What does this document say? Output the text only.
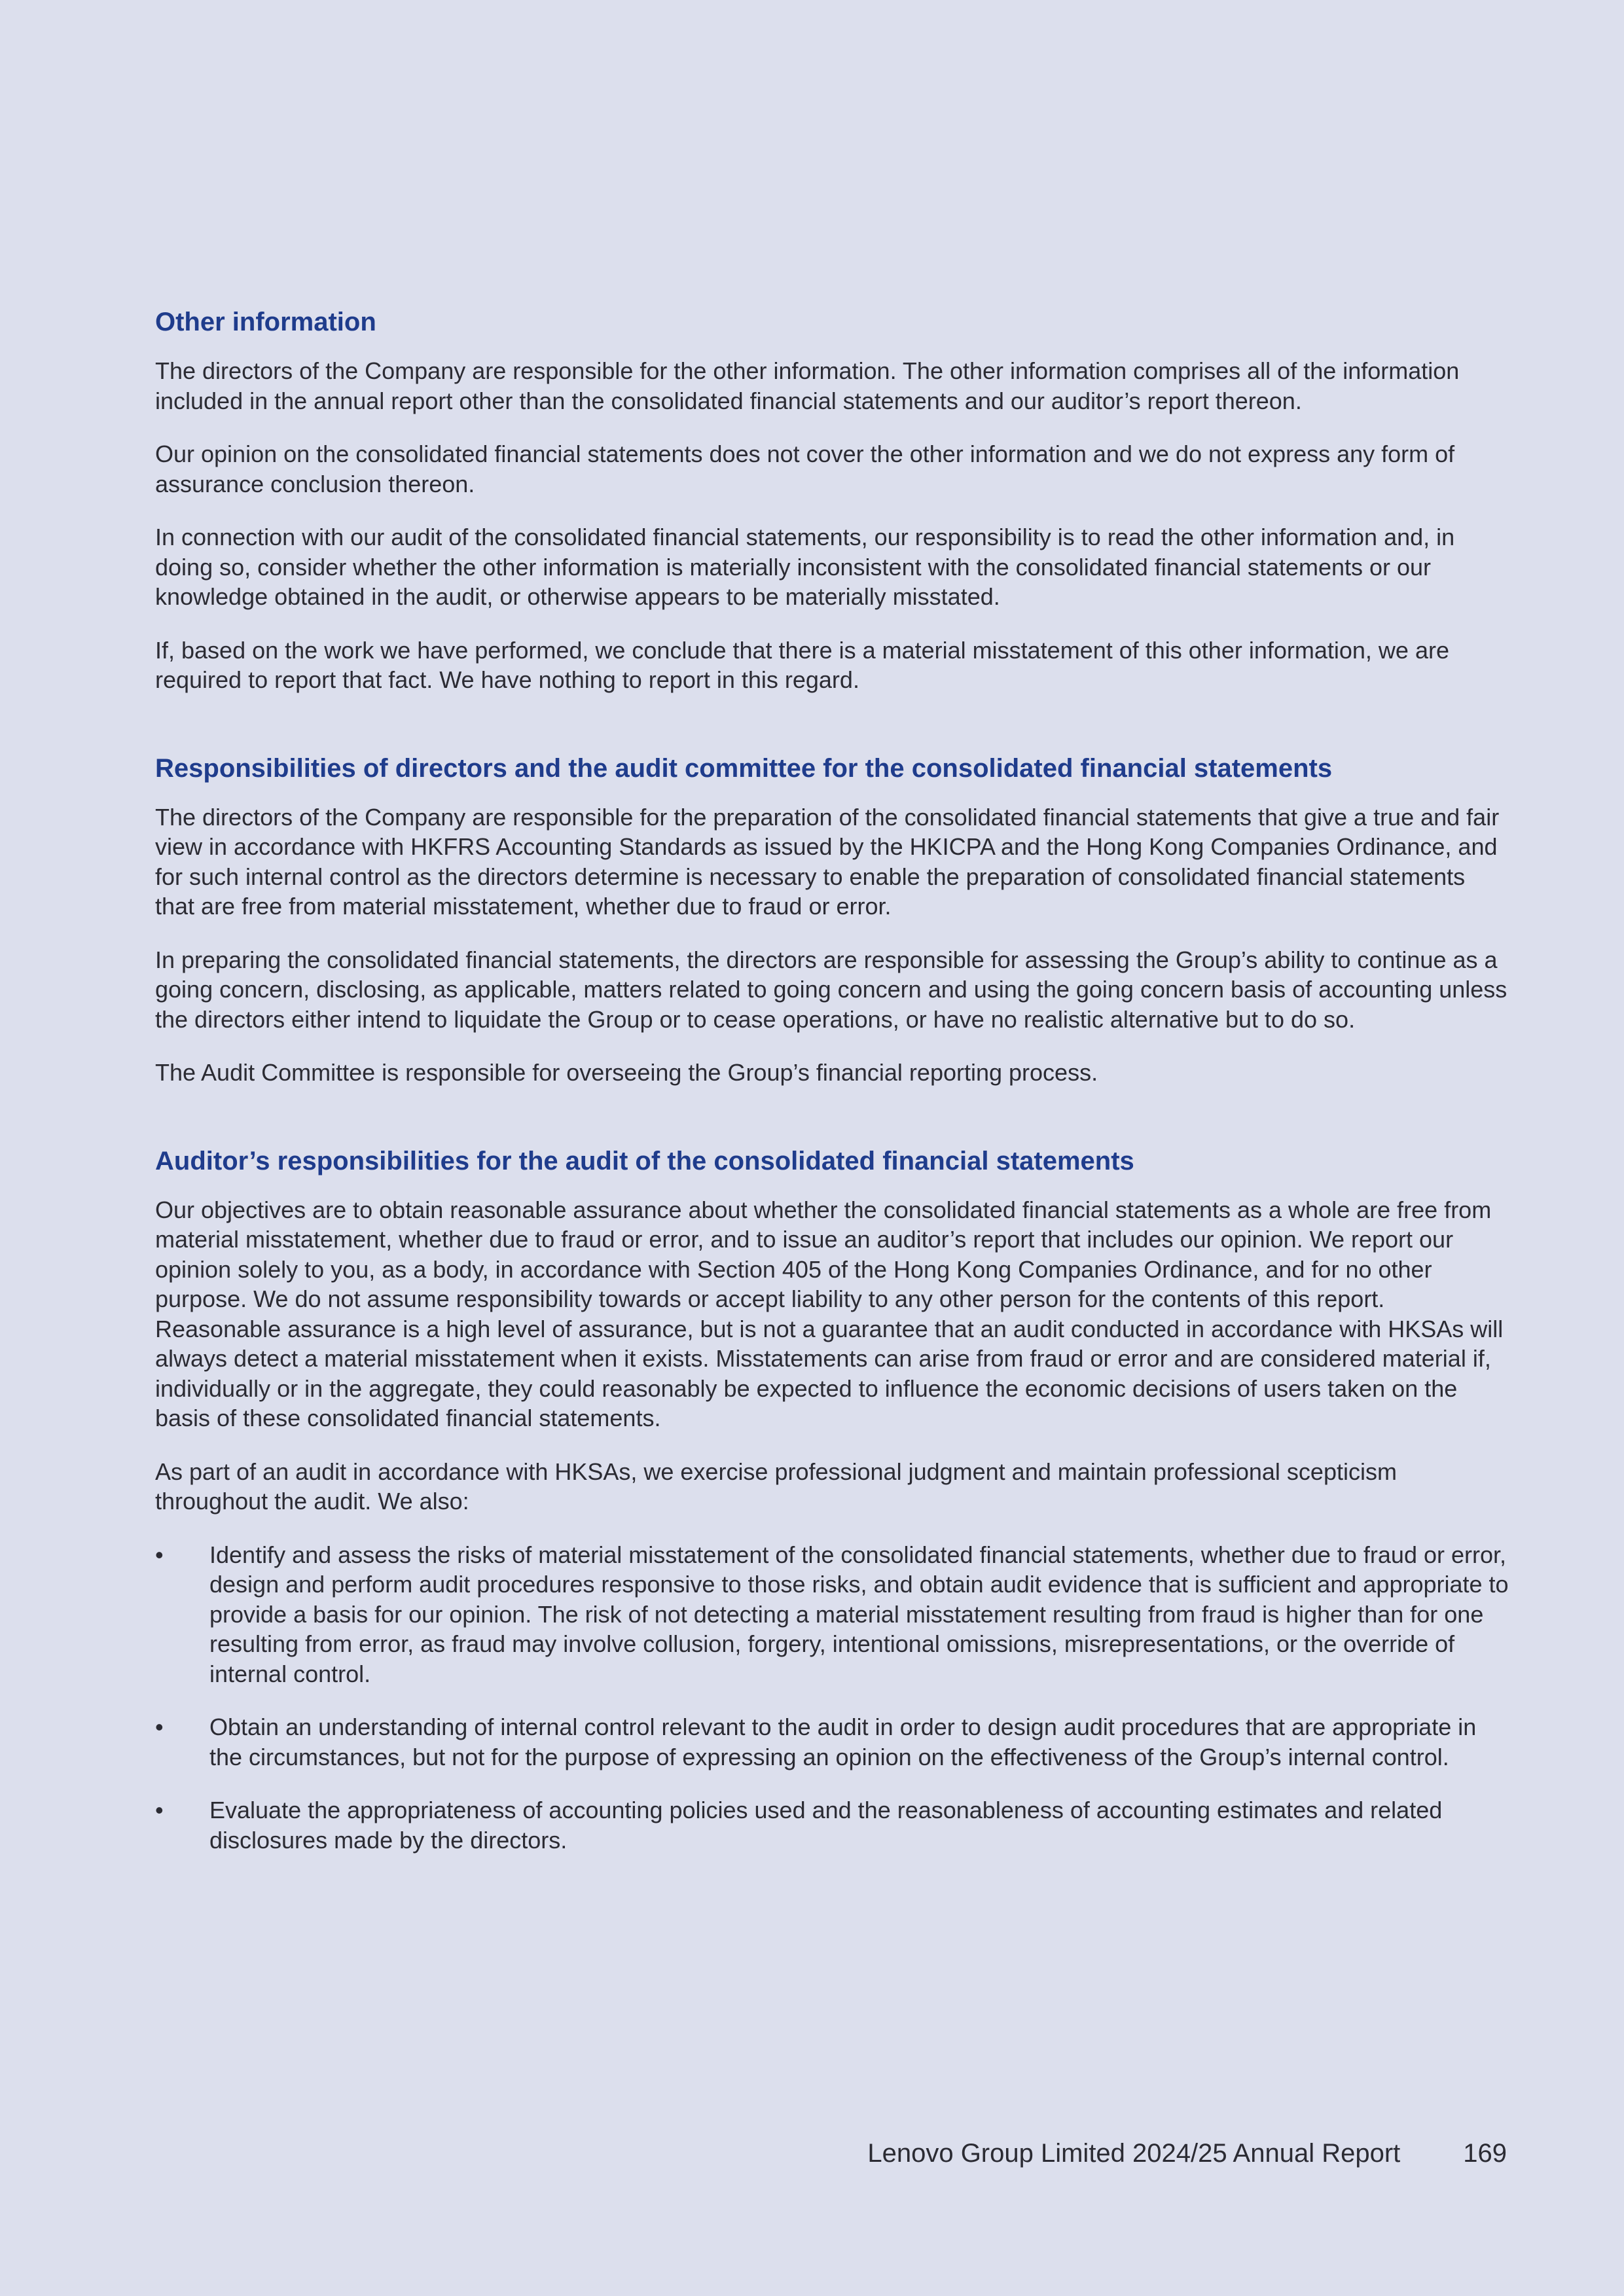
Other information

The directors of the Company are responsible for the other information. The other information comprises all of the information included in the annual report other than the consolidated financial statements and our auditor’s report thereon.

Our opinion on the consolidated financial statements does not cover the other information and we do not express any form of assurance conclusion thereon.

In connection with our audit of the consolidated financial statements, our responsibility is to read the other information and, in doing so, consider whether the other information is materially inconsistent with the consolidated financial statements or our knowledge obtained in the audit, or otherwise appears to be materially misstated.

If, based on the work we have performed, we conclude that there is a material misstatement of this other information, we are required to report that fact. We have nothing to report in this regard.

Responsibilities of directors and the audit committee for the consolidated financial statements

The directors of the Company are responsible for the preparation of the consolidated financial statements that give a true and fair view in accordance with HKFRS Accounting Standards as issued by the HKICPA and the Hong Kong Companies Ordinance, and for such internal control as the directors determine is necessary to enable the preparation of consolidated financial statements that are free from material misstatement, whether due to fraud or error.

In preparing the consolidated financial statements, the directors are responsible for assessing the Group’s ability to continue as a going concern, disclosing, as applicable, matters related to going concern and using the going concern basis of accounting unless the directors either intend to liquidate the Group or to cease operations, or have no realistic alternative but to do so.

The Audit Committee is responsible for overseeing the Group’s financial reporting process.

Auditor’s responsibilities for the audit of the consolidated financial statements

Our objectives are to obtain reasonable assurance about whether the consolidated financial statements as a whole are free from material misstatement, whether due to fraud or error, and to issue an auditor’s report that includes our opinion. We report our opinion solely to you, as a body, in accordance with Section 405 of the Hong Kong Companies Ordinance, and for no other purpose. We do not assume responsibility towards or accept liability to any other person for the contents of this report. Reasonable assurance is a high level of assurance, but is not a guarantee that an audit conducted in accordance with HKSAs will always detect a material misstatement when it exists. Misstatements can arise from fraud or error and are considered material if, individually or in the aggregate, they could reasonably be expected to influence the economic decisions of users taken on the basis of these consolidated financial statements.

As part of an audit in accordance with HKSAs, we exercise professional judgment and maintain professional scepticism throughout the audit. We also:

• Identify and assess the risks of material misstatement of the consolidated financial statements, whether due to fraud or error, design and perform audit procedures responsive to those risks, and obtain audit evidence that is sufficient and appropriate to provide a basis for our opinion. The risk of not detecting a material misstatement resulting from fraud is higher than for one resulting from error, as fraud may involve collusion, forgery, intentional omissions, misrepresentations, or the override of internal control.
• Obtain an understanding of internal control relevant to the audit in order to design audit procedures that are appropriate in the circumstances, but not for the purpose of expressing an opinion on the effectiveness of the Group’s internal control.
• Evaluate the appropriateness of accounting policies used and the reasonableness of accounting estimates and related disclosures made by the directors.
Lenovo Group Limited 2024/25 Annual Report 169
